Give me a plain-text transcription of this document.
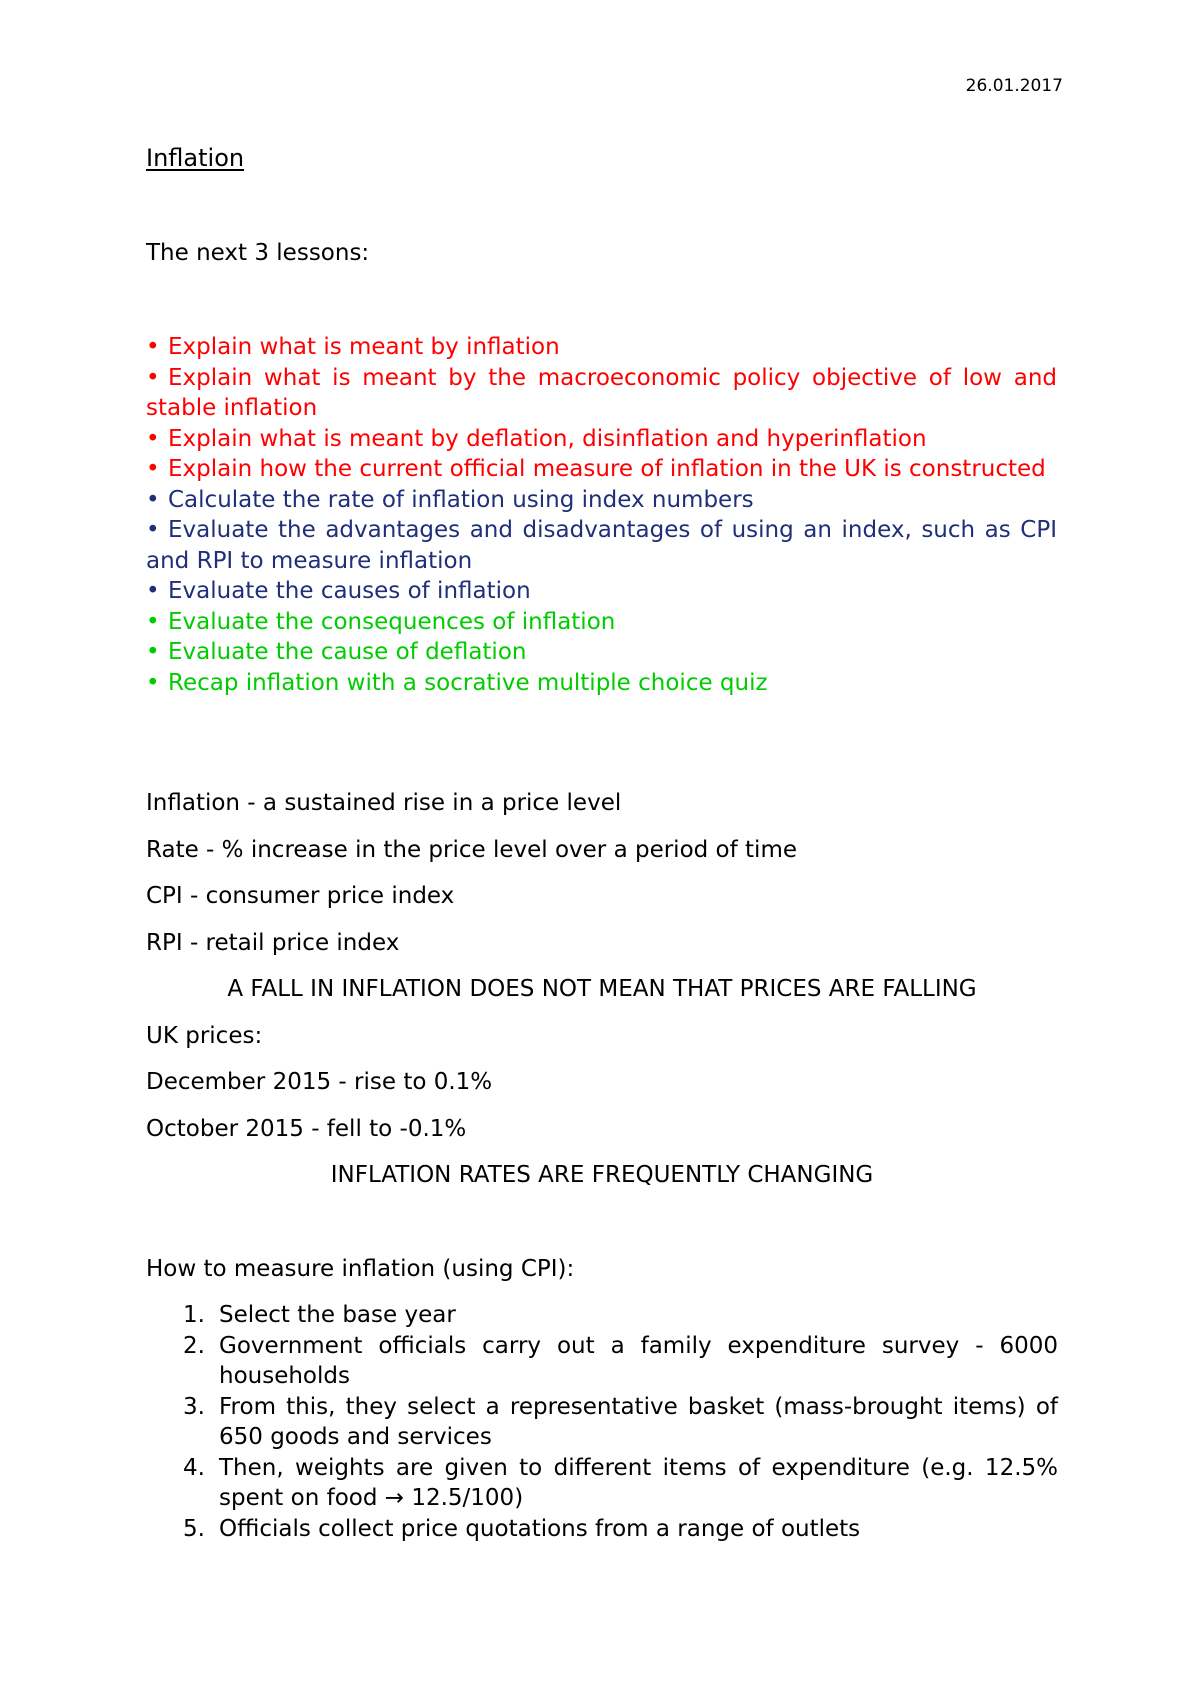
26.01.2017
Inflation
The next 3 lessons:
• Explain what is meant by inflation
• Explain what is meant by the macroeconomic policy objective of low and stable inflation
• Explain what is meant by deflation, disinflation and hyperinflation
• Explain how the current official measure of inflation in the UK is constructed
• Calculate the rate of inflation using index numbers
• Evaluate the advantages and disadvantages of using an index, such as CPI and RPI to measure inflation
• Evaluate the causes of inflation
• Evaluate the consequences of inflation
• Evaluate the cause of deflation
• Recap inflation with a socrative multiple choice quiz
Inflation - a sustained rise in a price level
Rate - % increase in the price level over a period of time
CPI - consumer price index
RPI - retail price index
A FALL IN INFLATION DOES NOT MEAN THAT PRICES ARE FALLING
UK prices:
December 2015 - rise to 0.1%
October 2015 - fell to -0.1%
INFLATION RATES ARE FREQUENTLY CHANGING
How to measure inflation (using CPI):
1. Select the base year
2. Government officials carry out a family expenditure survey - 6000 households
3. From this, they select a representative basket (mass-brought items) of 650 goods and services
4. Then, weights are given to different items of expenditure (e.g. 12.5% spent on food → 12.5/100)
5. Officials collect price quotations from a range of outlets
